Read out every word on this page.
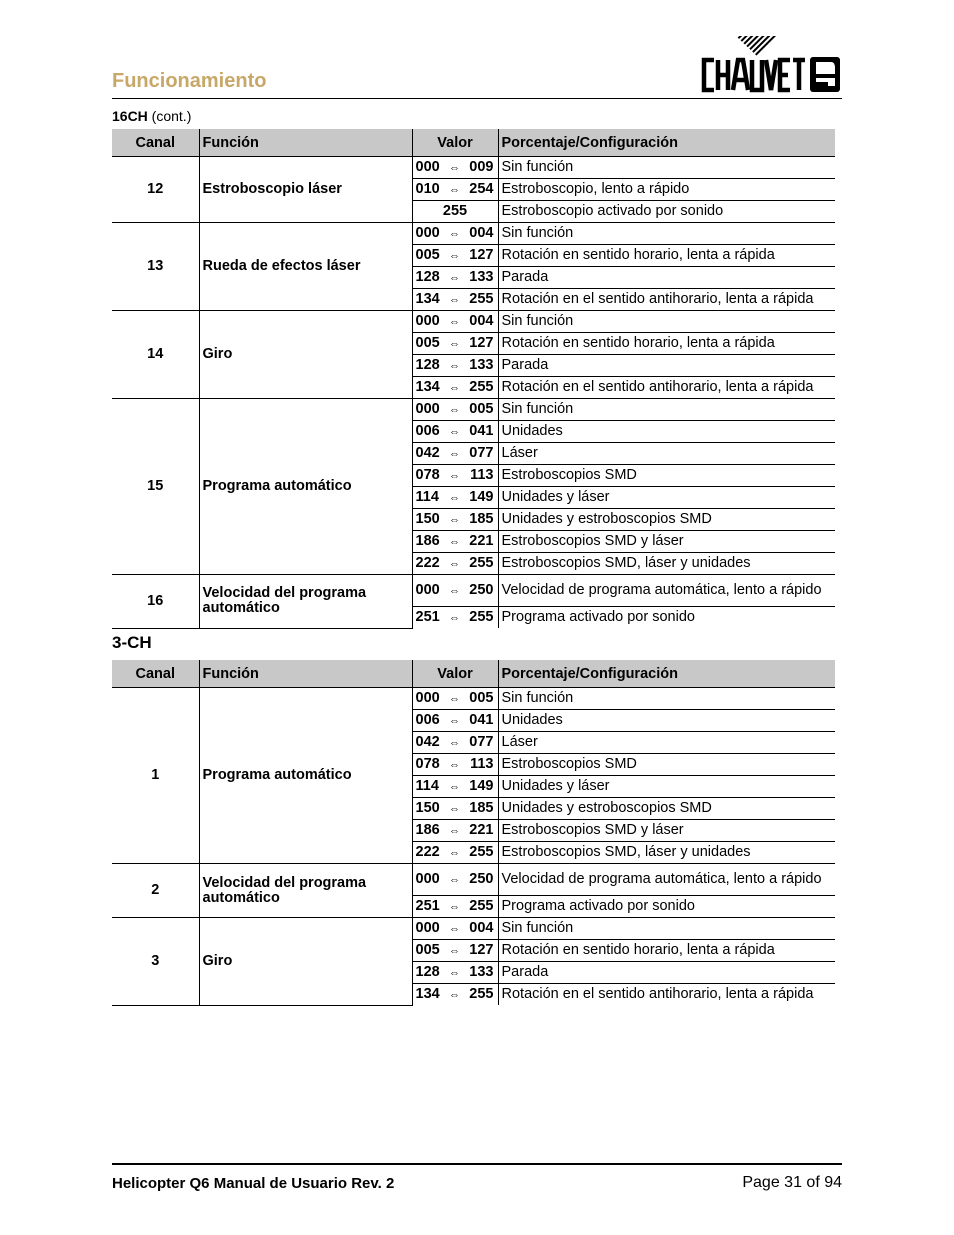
Funcionamiento
16CH (cont.)
Canal	Función	Valor	Porcentaje/Configuración
12	Estroboscopio láser	000 ⇔ 009	Sin función
		010 ⇔ 254	Estroboscopio, lento a rápido
		255	Estroboscopio activado por sonido
13	Rueda de efectos láser	000 ⇔ 004	Sin función
		005 ⇔ 127	Rotación en sentido horario, lenta a rápida
		128 ⇔ 133	Parada
		134 ⇔ 255	Rotación en el sentido antihorario, lenta a rápida
14	Giro	000 ⇔ 004	Sin función
		005 ⇔ 127	Rotación en sentido horario, lenta a rápida
		128 ⇔ 133	Parada
		134 ⇔ 255	Rotación en el sentido antihorario, lenta a rápida
15	Programa automático	000 ⇔ 005	Sin función
		006 ⇔ 041	Unidades
		042 ⇔ 077	Láser
		078 ⇔ 113	Estroboscopios SMD
		114 ⇔ 149	Unidades y láser
		150 ⇔ 185	Unidades y estroboscopios SMD
		186 ⇔ 221	Estroboscopios SMD y láser
		222 ⇔ 255	Estroboscopios SMD, láser y unidades
16	Velocidad del programa automático	000 ⇔ 250	Velocidad de programa automática, lento a rápido
		251 ⇔ 255	Programa activado por sonido
3-CH
Canal	Función	Valor	Porcentaje/Configuración
1	Programa automático	000 ⇔ 005	Sin función
		006 ⇔ 041	Unidades
		042 ⇔ 077	Láser
		078 ⇔ 113	Estroboscopios SMD
		114 ⇔ 149	Unidades y láser
		150 ⇔ 185	Unidades y estroboscopios SMD
		186 ⇔ 221	Estroboscopios SMD y láser
		222 ⇔ 255	Estroboscopios SMD, láser y unidades
2	Velocidad del programa automático	000 ⇔ 250	Velocidad de programa automática, lento a rápido
		251 ⇔ 255	Programa activado por sonido
3	Giro	000 ⇔ 004	Sin función
		005 ⇔ 127	Rotación en sentido horario, lenta a rápida
		128 ⇔ 133	Parada
		134 ⇔ 255	Rotación en el sentido antihorario, lenta a rápida
Helicopter Q6 Manual de Usuario Rev. 2	Page 31 of 94
